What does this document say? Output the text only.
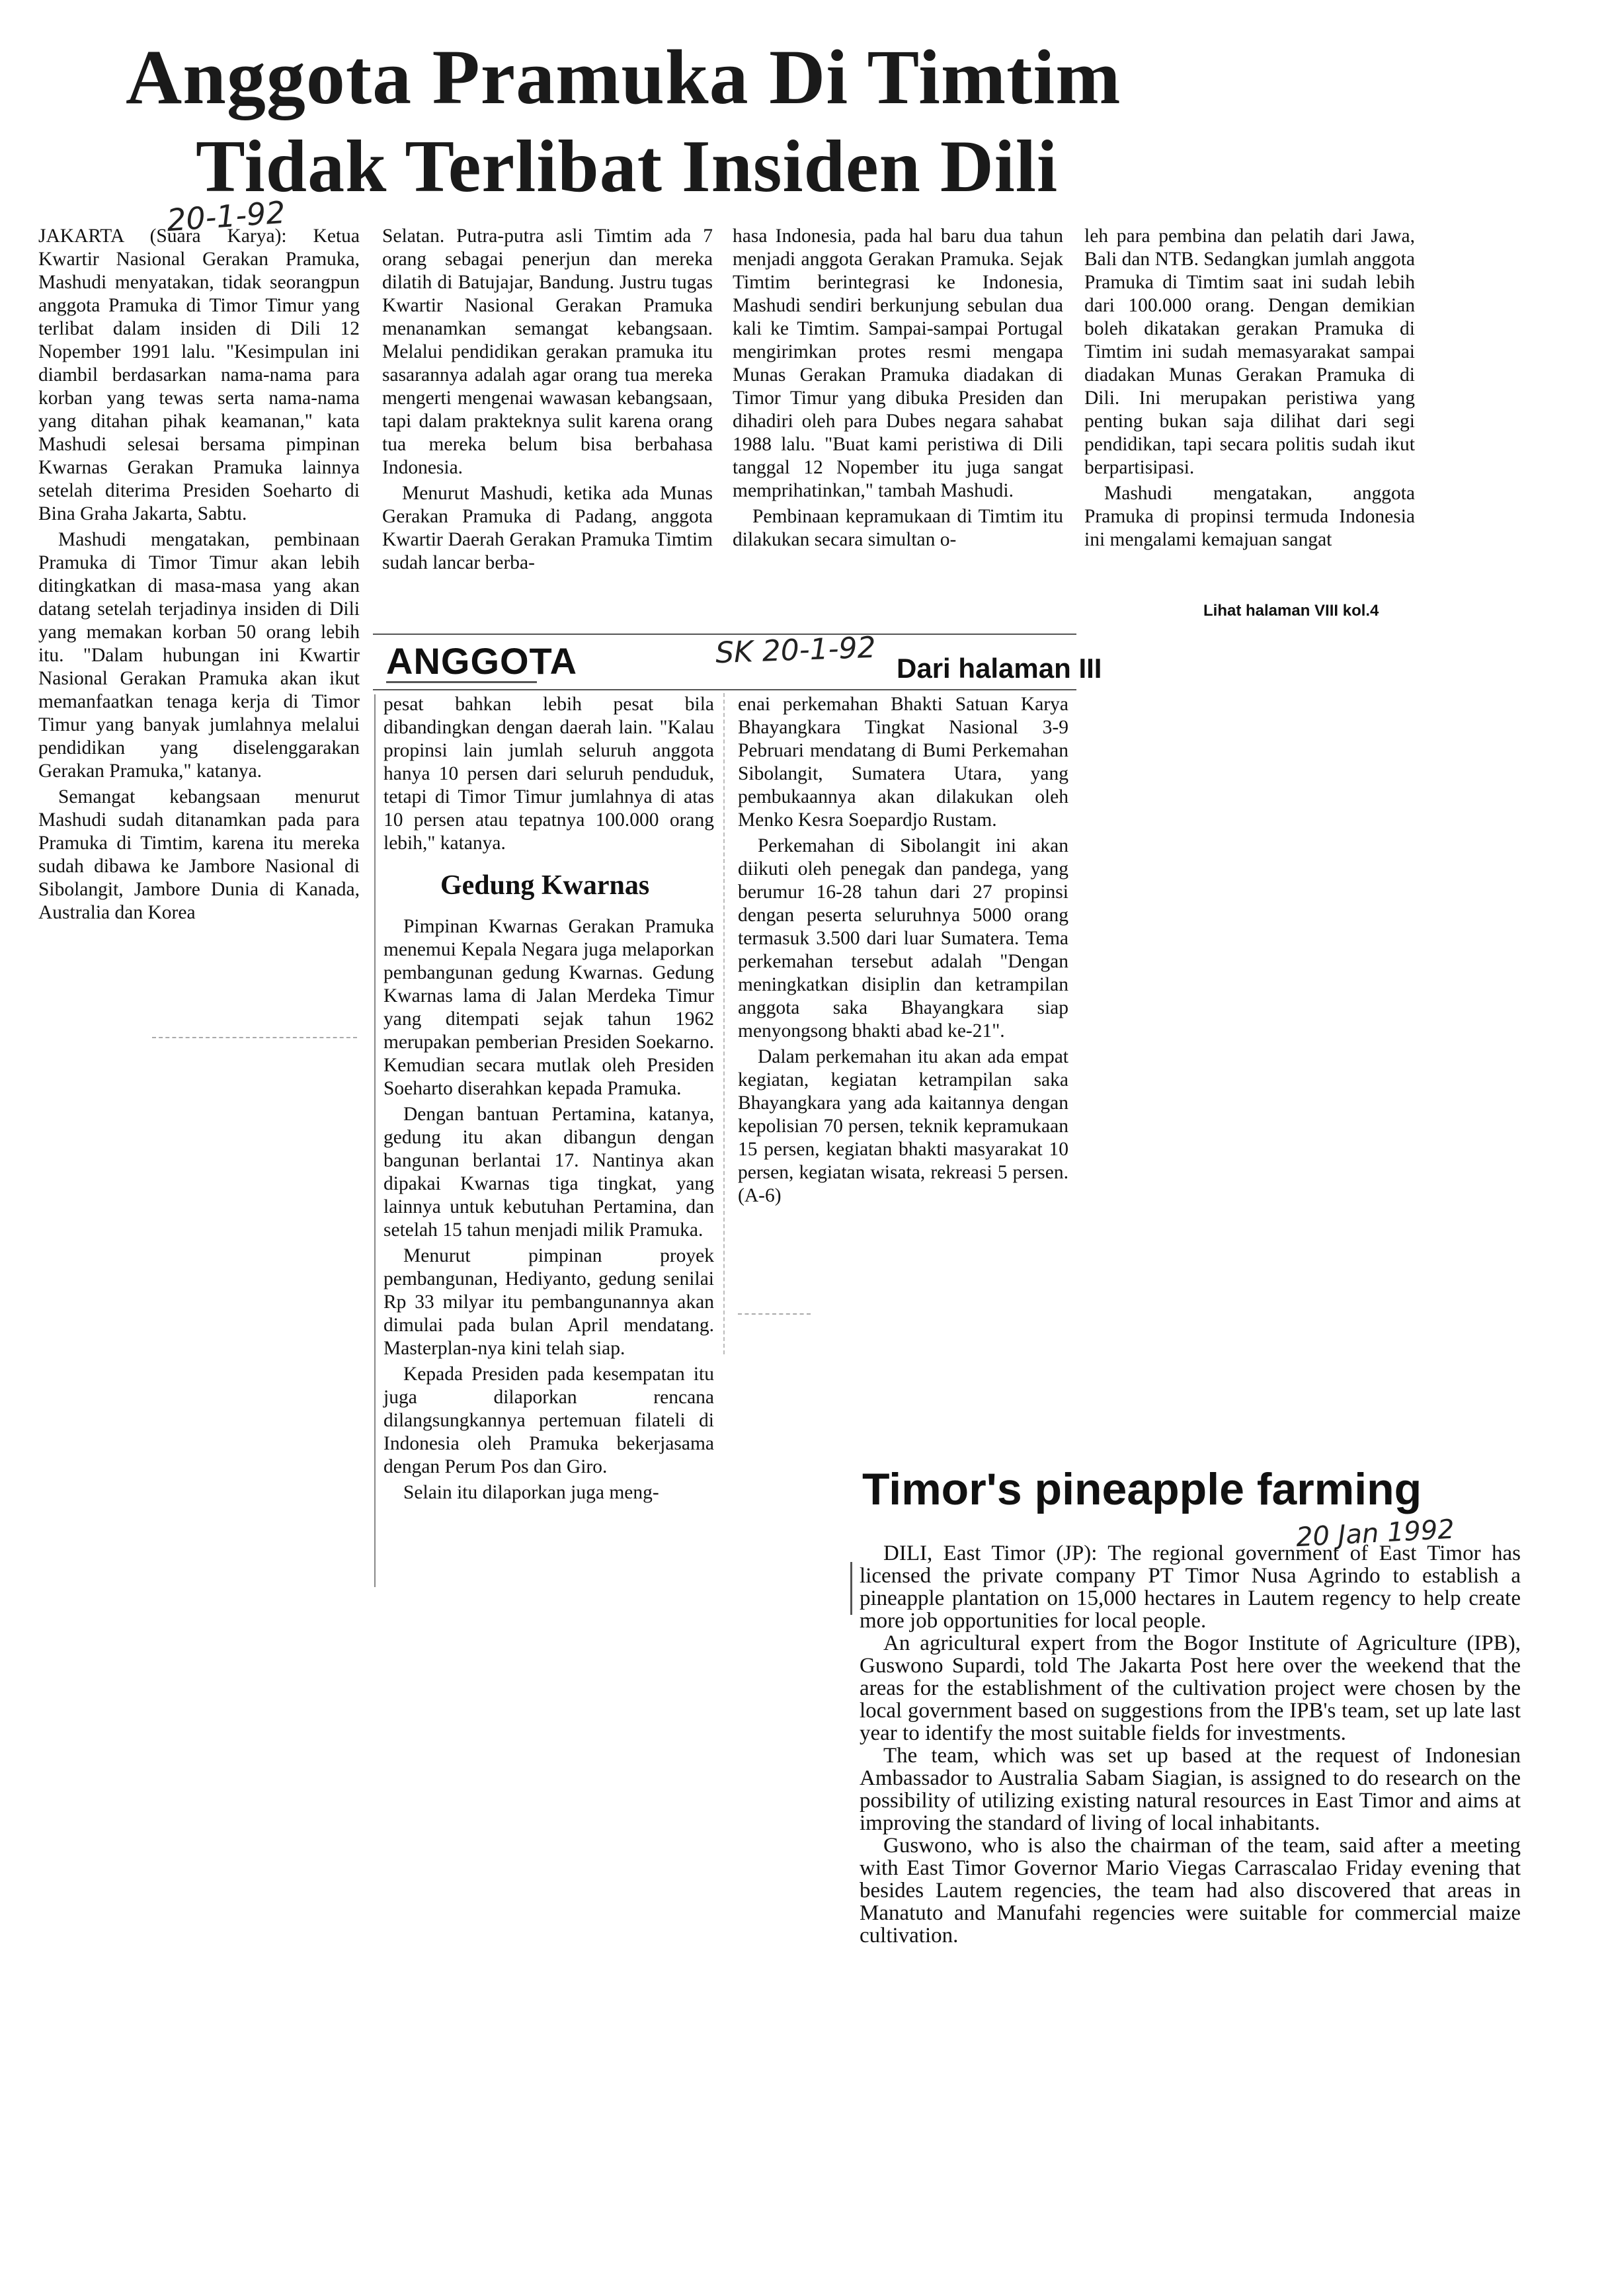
Anggota Pramuka Di Timtim
Tidak Terlibat Insiden Dili
20-1-92

JAKARTA (Suara Karya): Ketua Kwartir Nasional Gerakan Pramuka, Mashudi menyatakan, tidak seorangpun anggota Pramuka di Timor Timur yang terlibat dalam insiden di Dili 12 Nopember 1991 lalu. "Kesimpulan ini diambil berdasarkan nama-nama para korban yang tewas serta nama-nama yang ditahan pihak keamanan," kata Mashudi selesai bersama pimpinan Kwarnas Gerakan Pramuka lainnya setelah diterima Presiden Soeharto di Bina Graha Jakarta, Sabtu.

Mashudi mengatakan, pembinaan Pramuka di Timor Timur akan lebih ditingkatkan di masa-masa yang akan datang setelah terjadinya insiden di Dili yang memakan korban 50 orang lebih itu. "Dalam hubungan ini Kwartir Nasional Gerakan Pramuka akan ikut memanfaatkan tenaga kerja di Timor Timur yang banyak jumlahnya melalui pendidikan yang diselenggarakan Gerakan Pramuka," katanya.

Semangat kebangsaan menurut Mashudi sudah ditanamkan pada para Pramuka di Timtim, karena itu mereka sudah dibawa ke Jambore Nasional di Sibolangit, Jambore Dunia di Kanada, Australia dan Korea

Selatan. Putra-putra asli Timtim ada 7 orang sebagai penerjun dan mereka dilatih di Batujajar, Bandung. Justru tugas Kwartir Nasional Gerakan Pramuka menanamkan semangat kebangsaan. Melalui pendidikan gerakan pramuka itu sasarannya adalah agar orang tua mereka mengerti mengenai wawasan kebangsaan, tapi dalam prakteknya sulit karena orang tua mereka belum bisa berbahasa Indonesia.

Menurut Mashudi, ketika ada Munas Gerakan Pramuka di Padang, anggota Kwartir Daerah Gerakan Pramuka Timtim sudah lancar berba-

hasa Indonesia, pada hal baru dua tahun menjadi anggota Gerakan Pramuka. Sejak Timtim berintegrasi ke Indonesia, Mashudi sendiri berkunjung sebulan dua kali ke Timtim. Sampai-sampai Portugal mengirimkan protes resmi mengapa Munas Gerakan Pramuka diadakan di Timor Timur yang dibuka Presiden dan dihadiri oleh para Dubes negara sahabat 1988 lalu. "Buat kami peristiwa di Dili tanggal 12 Nopember itu juga sangat memprihatinkan," tambah Mashudi.

Pembinaan kepramukaan di Timtim itu dilakukan secara simultan o-

leh para pembina dan pelatih dari Jawa, Bali dan NTB. Sedangkan jumlah anggota Pramuka di Timtim saat ini sudah lebih dari 100.000 orang. Dengan demikian boleh dikatakan gerakan Pramuka di Timtim ini sudah memasyarakat sampai diadakan Munas Gerakan Pramuka di Dili. Ini merupakan peristiwa yang penting bukan saja dilihat dari segi pendidikan, tapi secara politis sudah ikut berpartisipasi.

Mashudi mengatakan, anggota Pramuka di propinsi termuda Indonesia ini mengalami kemajuan sangat

Lihat halaman VIII kol.4
ANGGOTA	SK 20-1-92 Dari halaman III

pesat bahkan lebih pesat bila dibandingkan dengan daerah lain. "Kalau propinsi lain jumlah seluruh anggota hanya 10 persen dari seluruh penduduk, tetapi di Timor Timur jumlahnya di atas 10 persen atau tepatnya 100.000 orang lebih," katanya.

Gedung Kwarnas

Pimpinan Kwarnas Gerakan Pramuka menemui Kepala Negara juga melaporkan pembangunan gedung Kwarnas. Gedung Kwarnas lama di Jalan Merdeka Timur yang ditempati sejak tahun 1962 merupakan pemberian Presiden Soekarno. Kemudian secara mutlak oleh Presiden Soeharto diserahkan kepada Pramuka.

Dengan bantuan Pertamina, katanya, gedung itu akan dibangun dengan bangunan berlantai 17. Nantinya akan dipakai Kwarnas tiga tingkat, yang lainnya untuk kebutuhan Pertamina, dan setelah 15 tahun menjadi milik Pramuka.

Menurut pimpinan proyek pembangunan, Hediyanto, gedung senilai Rp 33 milyar itu pembangunannya akan dimulai pada bulan April mendatang. Masterplan-nya kini telah siap.

Kepada Presiden pada kesempatan itu juga dilaporkan rencana dilangsungkannya pertemuan filateli di Indonesia oleh Pramuka bekerjasama dengan Perum Pos dan Giro.

Selain itu dilaporkan juga meng-

enai perkemahan Bhakti Satuan Karya Bhayangkara Tingkat Nasional 3-9 Pebruari mendatang di Bumi Perkemahan Sibolangit, Sumatera Utara, yang pembukaannya akan dilakukan oleh Menko Kesra Soepardjo Rustam.

Perkemahan di Sibolangit ini akan diikuti oleh penegak dan pandega, yang berumur 16-28 tahun dari 27 propinsi dengan peserta seluruhnya 5000 orang termasuk 3.500 dari luar Sumatera. Tema perkemahan tersebut adalah "Dengan meningkatkan disiplin dan ketrampilan anggota saka Bhayangkara siap menyongsong bhakti abad ke-21".

Dalam perkemahan itu akan ada empat kegiatan, kegiatan ketrampilan saka Bhayangkara yang ada kaitannya dengan kepolisian 70 persen, teknik kepramukaan 15 persen, kegiatan bhakti masyarakat 10 persen, kegiatan wisata, rekreasi 5 persen. (A-6)

Timor's pineapple farming
20 Jan 1992

DILI, East Timor (JP): The regional government of East Timor has licensed the private company PT Timor Nusa Agrindo to establish a pineapple plantation on 15,000 hectares in Lautem regency to help create more job opportunities for local people.

An agricultural expert from the Bogor Institute of Agriculture (IPB), Guswono Supardi, told The Jakarta Post here over the weekend that the areas for the establishment of the cultivation project were chosen by the local government based on suggestions from the IPB's team, set up late last year to identify the most suitable fields for investments.

The team, which was set up based at the request of Indonesian Ambassador to Australia Sabam Siagian, is assigned to do research on the possibility of utilizing existing natural resources in East Timor and aims at improving the standard of living of local inhabitants.

Guswono, who is also the chairman of the team, said after a meeting with East Timor Governor Mario Viegas Carrascalao Friday evening that besides Lautem regencies, the team had also discovered that areas in Manatuto and Manufahi regencies were suitable for commercial maize cultivation.
